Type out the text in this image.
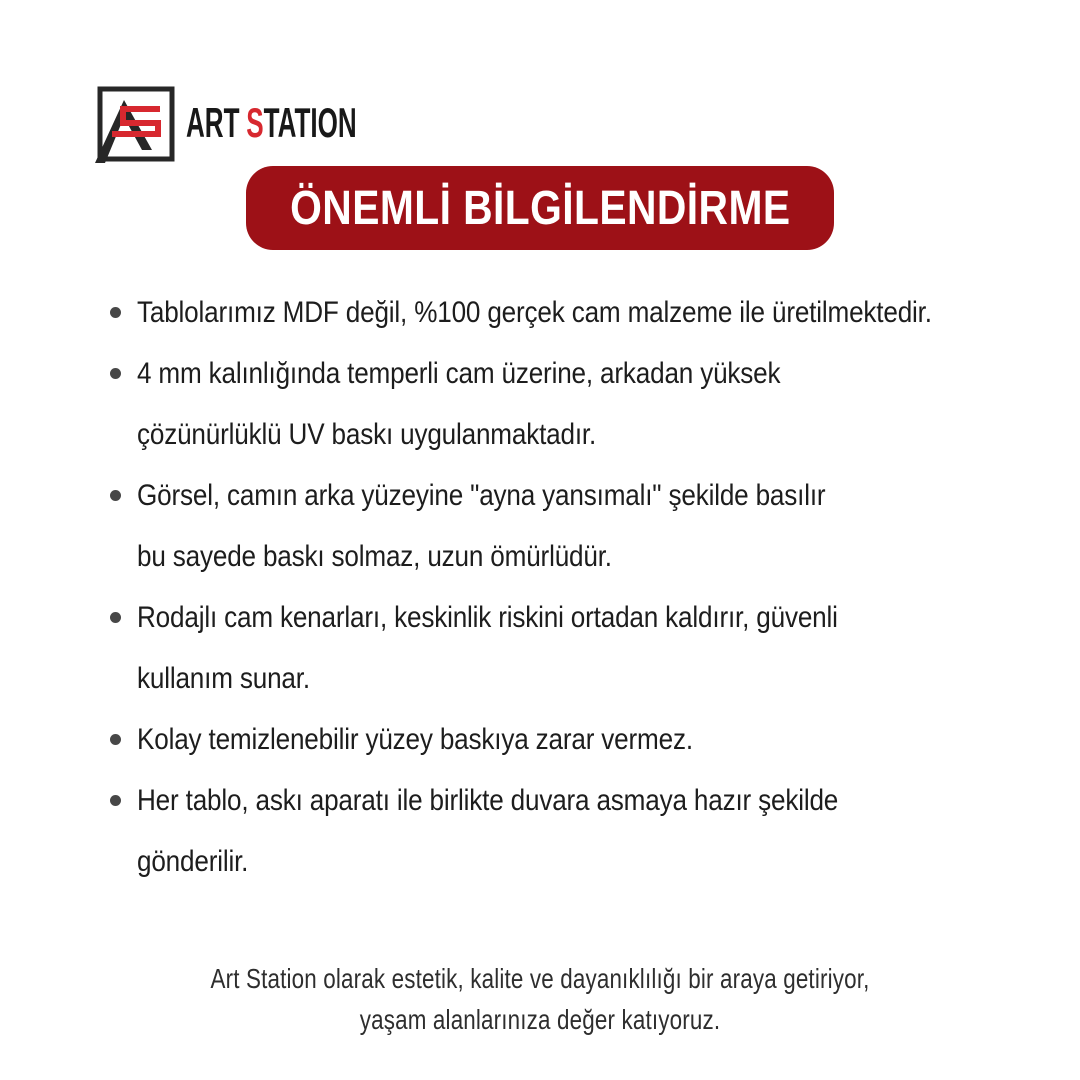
ART S TATION
ÖNEMLİ BİLGİLENDİRME
Tablolarımız MDF değil, %100 gerçek cam malzeme ile üretilmektedir.
4 mm kalınlığında temperli cam üzerine, arkadan yüksek
çözünürlüklü UV baskı uygulanmaktadır.
Görsel, camın arka yüzeyine "ayna yansımalı" şekilde basılır
bu sayede baskı solmaz, uzun ömürlüdür.
Rodajlı cam kenarları, keskinlik riskini ortadan kaldırır, güvenli
kullanım sunar.
Kolay temizlenebilir yüzey baskıya zarar vermez.
Her tablo, askı aparatı ile birlikte duvara asmaya hazır şekilde
gönderilir.
Art Station olarak estetik, kalite ve dayanıklılığı bir araya getiriyor,
yaşam alanlarınıza değer katıyoruz.
